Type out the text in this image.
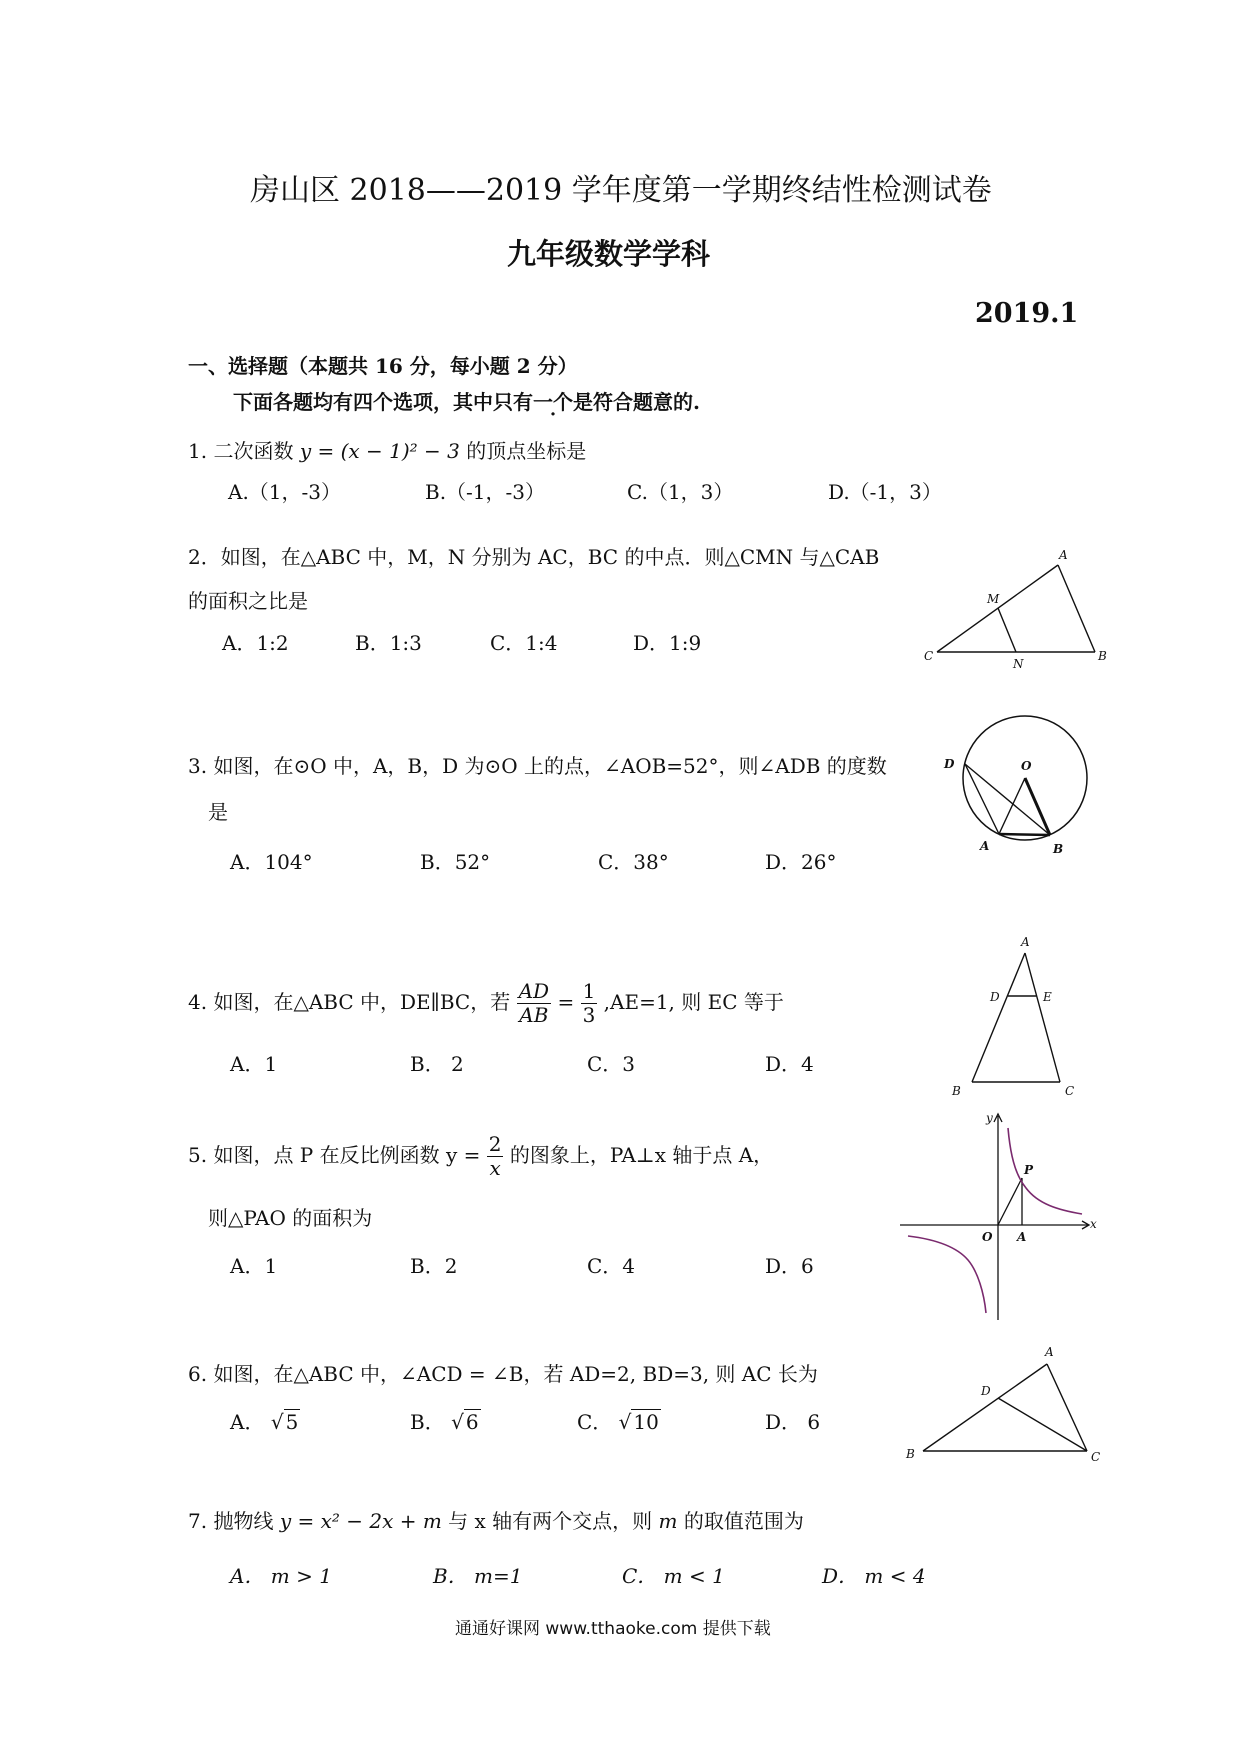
房山区 2018——2019 学年度第一学期终结性检测试卷
九年级数学学科
2019.1
一、选择题（本题共 16 分，每小题 2 分）
下面各题均有四个选项，其中只有一个是符合题意的.
1. 二次函数 y = (x − 1)² − 3 的顶点坐标是
A.（1，-3）	B.（-1，-3）	C.（1，3）	D.（-1，3）
2．如图，在△ABC 中，M，N 分别为 AC，BC 的中点．则△CMN 与△CAB
的面积之比是
A．1:2	B．1:3	C．1:4	D．1:9
A
M
C
N
B
3. 如图，在⊙O 中，A，B，D 为⊙O 上的点，∠AOB=52°，则∠ADB 的度数
是
A．104°	B．52°	C．38°	D．26°
D	O
A	B
4. 如图，在△ABC 中，DE∥BC，若 $\frac{AD}{AB} = \frac{1}{3} ,AE=1$, 则 EC 等于
A．1	B． 2	C．3	D．4
A
D	E
B	C
5. 如图，点 P 在反比例函数 $y = \frac{2}{x}$ 的图象上，PA⊥x 轴于点 A，
则△PAO 的面积为
A．1	B．2	C．4	D．6
y
P
O A
x
6. 如图，在△ABC 中，∠ACD = ∠B，若 AD=2, BD=3, 则 AC 长为
A． √ 5	B． √ 6	C． √ 10	D． 6
A
D
B	C
7. 抛物线 y = x² − 2x + m 与 x 轴有两个交点，则 m 的取值范围为
A． m > 1	B． m=1	C． m < 1	D． m < 4
通通好课网 www.tthaoke.com 提供下载
